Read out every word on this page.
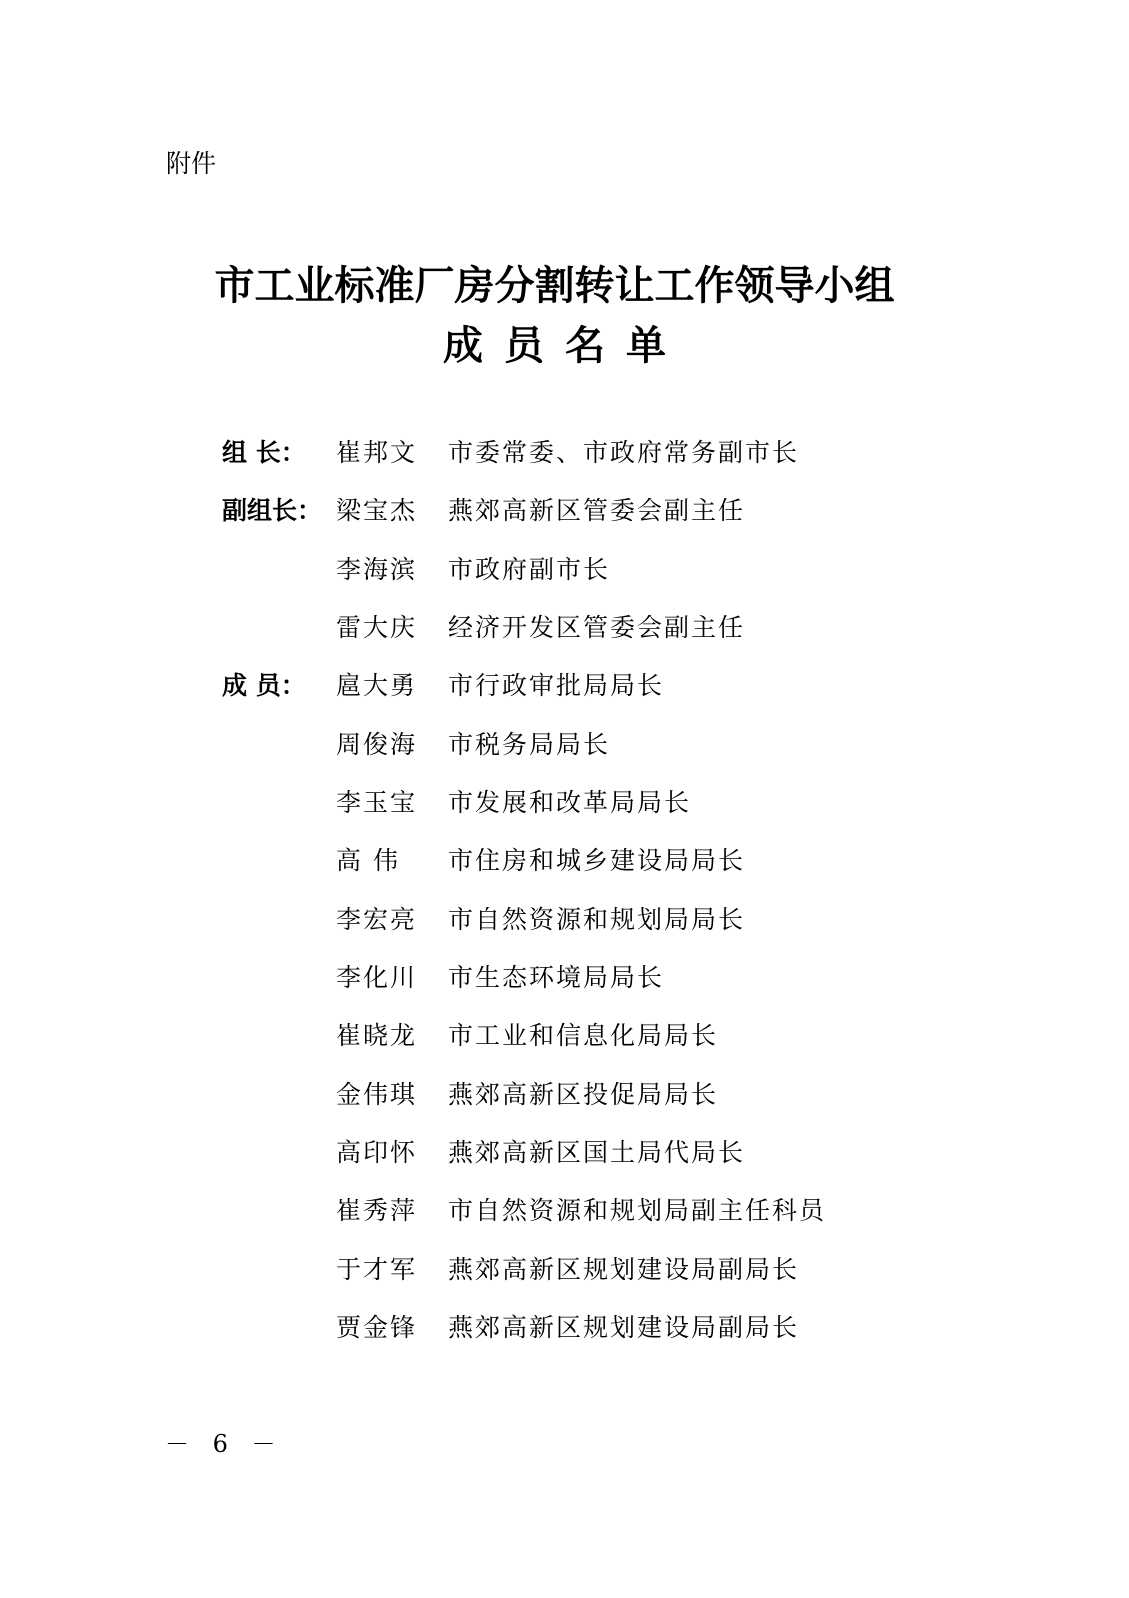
附件
市工业标准厂房分割转让工作领导小组
成员名单
组 长：	崔邦文 市委常委、市政府常务副市长
副组长： 梁宝杰 燕郊高新区管委会副主任
李海滨 市政府副市长
雷大庆 经济开发区管委会副主任
成 员：	扈大勇 市行政审批局局长
周俊海 市税务局局长
李玉宝 市发展和改革局局长
高 伟 市住房和城乡建设局局长
李宏亮 市自然资源和规划局局长
李化川 市生态环境局局长
崔晓龙 市工业和信息化局局长
金伟琪 燕郊高新区投促局局长
高印怀 燕郊高新区国土局代局长
崔秀萍 市自然资源和规划局副主任科员
于才军 燕郊高新区规划建设局副局长
贾金锋 燕郊高新区规划建设局副局长
－ 6 －
